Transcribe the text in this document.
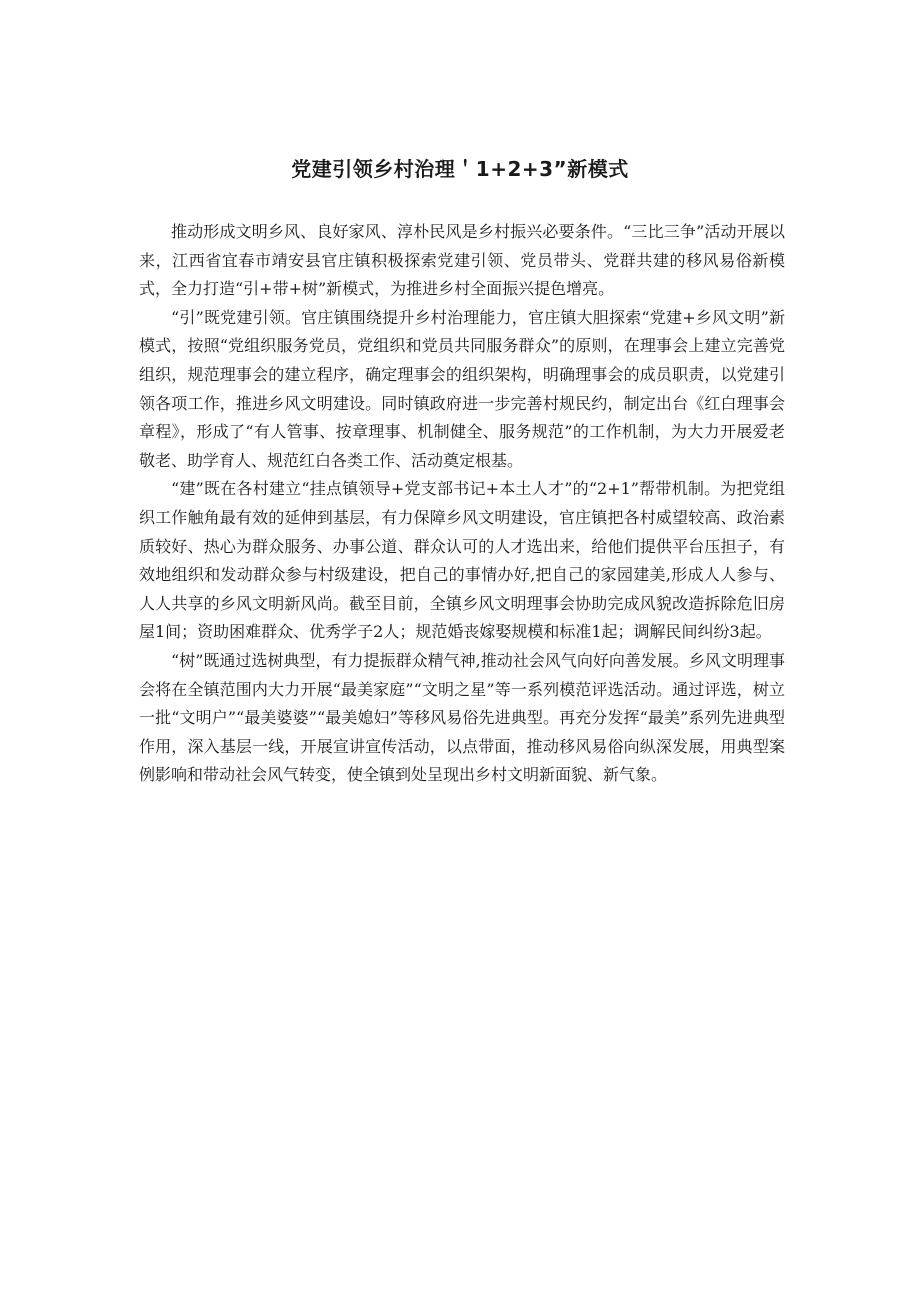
党建引领乡村治理＇1+2+3”新模式

推动形成文明乡风、良好家风、淳朴民风是乡村振兴必要条件。“三比三争”活动开展以来，江西省宜春市靖安县官庄镇积极探索党建引领、党员带头、党群共建的移风易俗新模式，全力打造“引+带+树”新模式，为推进乡村全面振兴提色增亮。

“引”既党建引领。官庄镇围绕提升乡村治理能力，官庄镇大胆探索“党建+乡风文明”新模式，按照“党组织服务党员，党组织和党员共同服务群众”的原则，在理事会上建立完善党组织，规范理事会的建立程序，确定理事会的组织架构，明确理事会的成员职责，以党建引领各项工作，推进乡风文明建设。同时镇政府进一步完善村规民约，制定出台《红白理事会章程》，形成了“有人管事、按章理事、机制健全、服务规范”的工作机制，为大力开展爱老敬老、助学育人、规范红白各类工作、活动奠定根基。

“建”既在各村建立“挂点镇领导+党支部书记+本土人才”的“2+1”帮带机制。为把党组织工作触角最有效的延伸到基层，有力保障乡风文明建设，官庄镇把各村威望较高、政治素质较好、热心为群众服务、办事公道、群众认可的人才选出来，给他们提供平台压担子，有效地组织和发动群众参与村级建设，把自己的事情办好,把自己的家园建美,形成人人参与、人人共享的乡风文明新风尚。截至目前，全镇乡风文明理事会协助完成风貌改造拆除危旧房屋1间；资助困难群众、优秀学子2人；规范婚丧嫁娶规模和标准1起；调解民间纠纷3起。

“树”既通过选树典型，有力提振群众精气神,推动社会风气向好向善发展。乡风文明理事会将在全镇范围内大力开展“最美家庭”“文明之星”等一系列模范评选活动。通过评选，树立一批“文明户”“最美婆婆”“最美媳妇”等移风易俗先进典型。再充分发挥“最美”系列先进典型作用，深入基层一线，开展宣讲宣传活动，以点带面，推动移风易俗向纵深发展，用典型案例影响和带动社会风气转变，使全镇到处呈现出乡村文明新面貌、新气象。
